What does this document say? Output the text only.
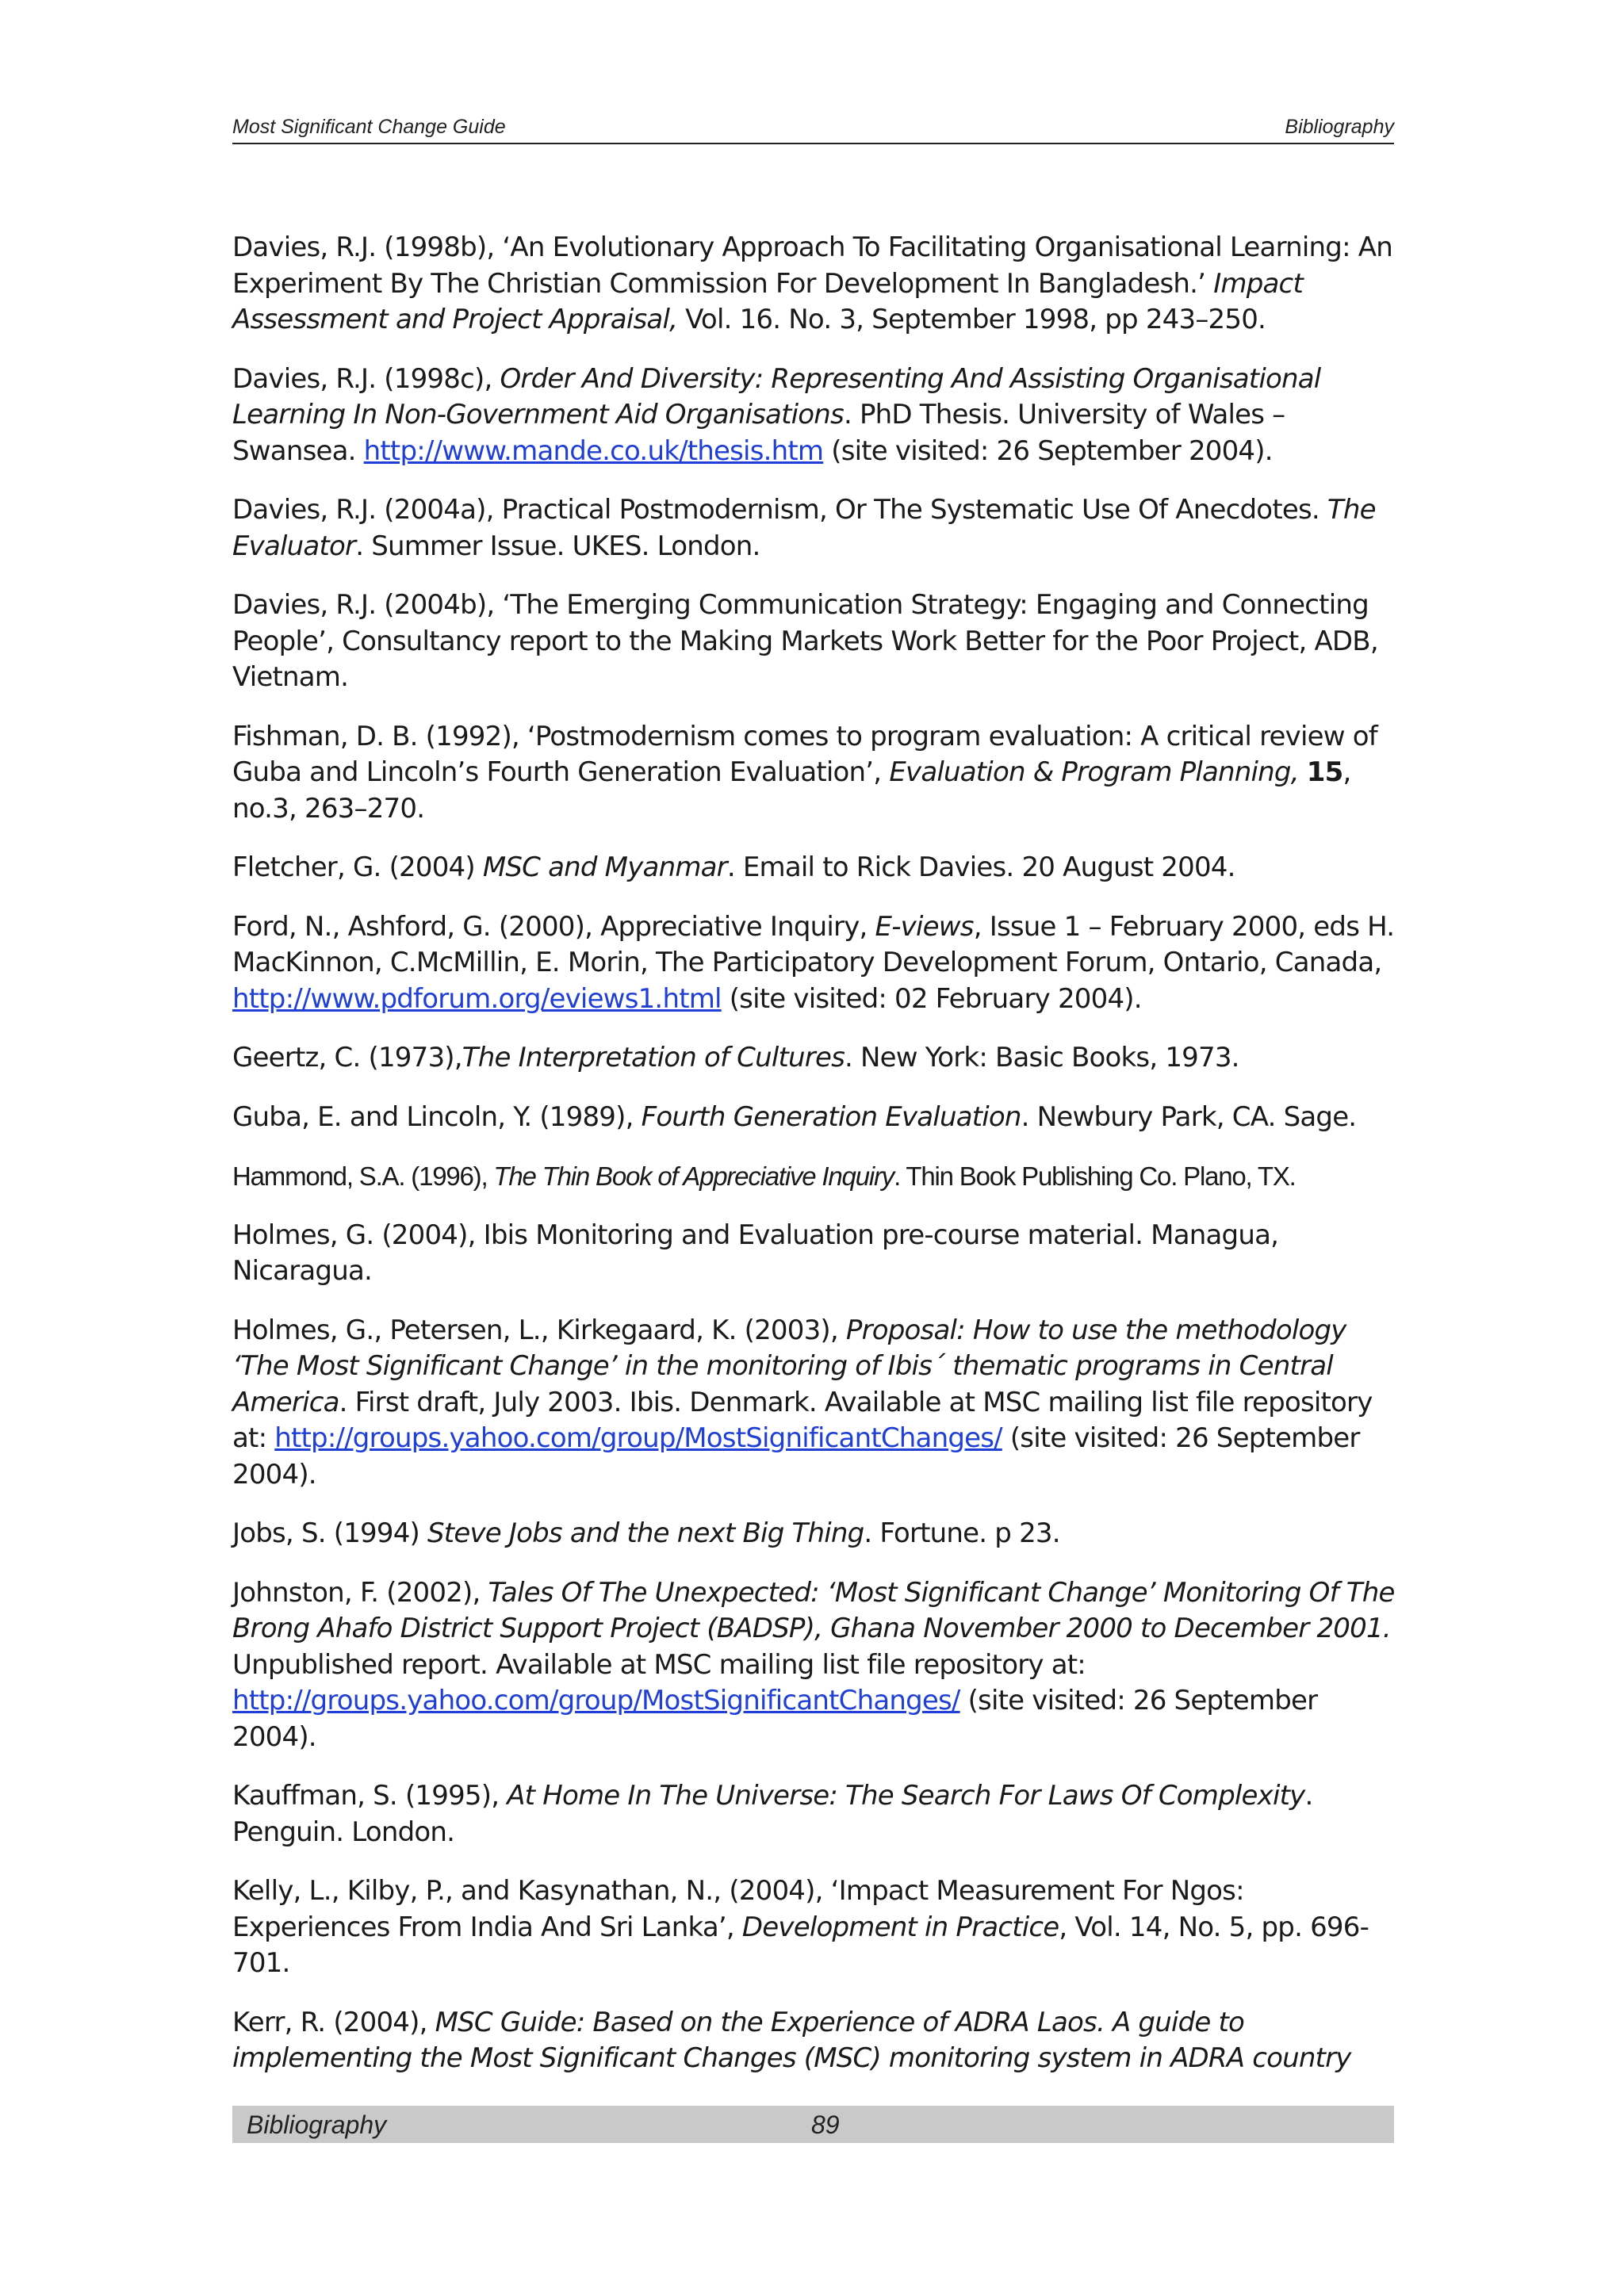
Most Significant Change Guide	Bibliography

Davies, R.J. (1998b), ‘An Evolutionary Approach To Facilitating Organisational Learning: An Experiment By The Christian Commission For Development In Bangladesh.’ Impact Assessment and Project Appraisal, Vol. 16. No. 3, September 1998, pp 243–250.

Davies, R.J. (1998c), Order And Diversity: Representing And Assisting Organisational Learning In Non-Government Aid Organisations. PhD Thesis. University of Wales – Swansea. http://www.mande.co.uk/thesis.htm (site visited: 26 September 2004).

Davies, R.J. (2004a), Practical Postmodernism, Or The Systematic Use Of Anecdotes. The Evaluator. Summer Issue. UKES. London.

Davies, R.J. (2004b), ‘The Emerging Communication Strategy: Engaging and Connecting People’, Consultancy report to the Making Markets Work Better for the Poor Project, ADB, Vietnam.

Fishman, D. B. (1992), ‘Postmodernism comes to program evaluation: A critical review of Guba and Lincoln’s Fourth Generation Evaluation’, Evaluation & Program Planning, 15, no.3, 263–270.

Fletcher, G. (2004) MSC and Myanmar. Email to Rick Davies. 20 August 2004.

Ford, N., Ashford, G. (2000), Appreciative Inquiry, E-views, Issue 1 – February 2000, eds H. MacKinnon, C.McMillin, E. Morin, The Participatory Development Forum, Ontario, Canada, http://www.pdforum.org/eviews1.html (site visited: 02 February 2004).

Geertz, C. (1973),The Interpretation of Cultures. New York: Basic Books, 1973.

Guba, E. and Lincoln, Y. (1989), Fourth Generation Evaluation. Newbury Park, CA. Sage.

Hammond, S.A. (1996), The Thin Book of Appreciative Inquiry. Thin Book Publishing Co. Plano, TX.

Holmes, G. (2004), Ibis Monitoring and Evaluation pre-course material. Managua, Nicaragua.

Holmes, G., Petersen, L., Kirkegaard, K. (2003), Proposal: How to use the methodology ‘The Most Significant Change’ in the monitoring of Ibis´ thematic programs in Central America. First draft, July 2003. Ibis. Denmark. Available at MSC mailing list file repository at: http://groups.yahoo.com/group/MostSignificantChanges/ (site visited: 26 September 2004).

Jobs, S. (1994) Steve Jobs and the next Big Thing. Fortune. p 23.

Johnston, F. (2002), Tales Of The Unexpected: ‘Most Significant Change’ Monitoring Of The Brong Ahafo District Support Project (BADSP), Ghana November 2000 to December 2001. Unpublished report. Available at MSC mailing list file repository at: http://groups.yahoo.com/group/MostSignificantChanges/ (site visited: 26 September 2004).

Kauffman, S. (1995), At Home In The Universe: The Search For Laws Of Complexity. Penguin. London.

Kelly, L., Kilby, P., and Kasynathan, N., (2004), ‘Impact Measurement For Ngos: Experiences From India And Sri Lanka’, Development in Practice, Vol. 14, No. 5, pp. 696-701.

Kerr, R. (2004), MSC Guide: Based on the Experience of ADRA Laos. A guide to implementing the Most Significant Changes (MSC) monitoring system in ADRA country

Bibliography	89
